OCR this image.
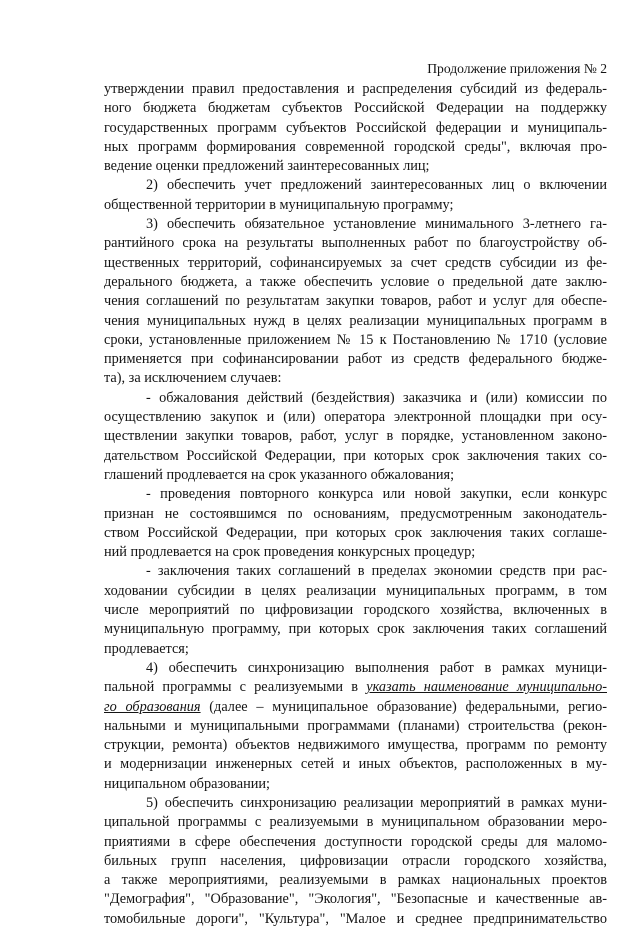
Продолжение приложения № 2
утверждении правил предоставления и распределения субсидий из федераль-
ного бюджета бюджетам субъектов Российской Федерации на поддержку
государственных программ субъектов Российской федерации и муниципаль-
ных программ формирования современной городской среды", включая про-
ведение оценки предложений заинтересованных лиц;
2) обеспечить учет предложений заинтересованных лиц о включении
общественной территории в муниципальную программу;
3) обеспечить обязательное установление минимального 3-летнего га-
рантийного срока на результаты выполненных работ по благоустройству об-
щественных территорий, софинансируемых за счет средств субсидии из фе-
дерального бюджета, а также обеспечить условие о предельной дате заклю-
чения соглашений по результатам закупки товаров, работ и услуг для обеспе-
чения муниципальных нужд в целях реализации муниципальных программ в
сроки, установленные приложением № 15 к Постановлению № 1710 (условие
применяется при софинансировании работ из средств федерального бюдже-
та), за исключением случаев:
- обжалования действий (бездействия) заказчика и (или) комиссии по
осуществлению закупок и (или) оператора электронной площадки при осу-
ществлении закупки товаров, работ, услуг в порядке, установленном законо-
дательством Российской Федерации, при которых срок заключения таких со-
глашений продлевается на срок указанного обжалования;
- проведения повторного конкурса или новой закупки, если конкурс
признан не состоявшимся по основаниям, предусмотренным законодатель-
ством Российской Федерации, при которых срок заключения таких соглаше-
ний продлевается на срок проведения конкурсных процедур;
- заключения таких соглашений в пределах экономии средств при рас-
ходовании субсидии в целях реализации муниципальных программ, в том
числе мероприятий по цифровизации городского хозяйства, включенных в
муниципальную программу, при которых срок заключения таких соглашений
продлевается;
4) обеспечить синхронизацию выполнения работ в рамках муници-
пальной программы с реализуемыми в указать наименование муниципально-
го образования (далее – муниципальное образование) федеральными, регио-
нальными и муниципальными программами (планами) строительства (рекон-
струкции, ремонта) объектов недвижимого имущества, программ по ремонту
и модернизации инженерных сетей и иных объектов, расположенных в му-
ниципальном образовании;
5) обеспечить синхронизацию реализации мероприятий в рамках муни-
ципальной программы с реализуемыми в муниципальном образовании меро-
приятиями в сфере обеспечения доступности городской среды для маломо-
бильных групп населения, цифровизации отрасли городского хозяйства,
а также мероприятиями, реализуемыми в рамках национальных проектов
"Демография", "Образование", "Экология", "Безопасные и качественные ав-
томобильные дороги", "Культура", "Малое и среднее предпринимательство
